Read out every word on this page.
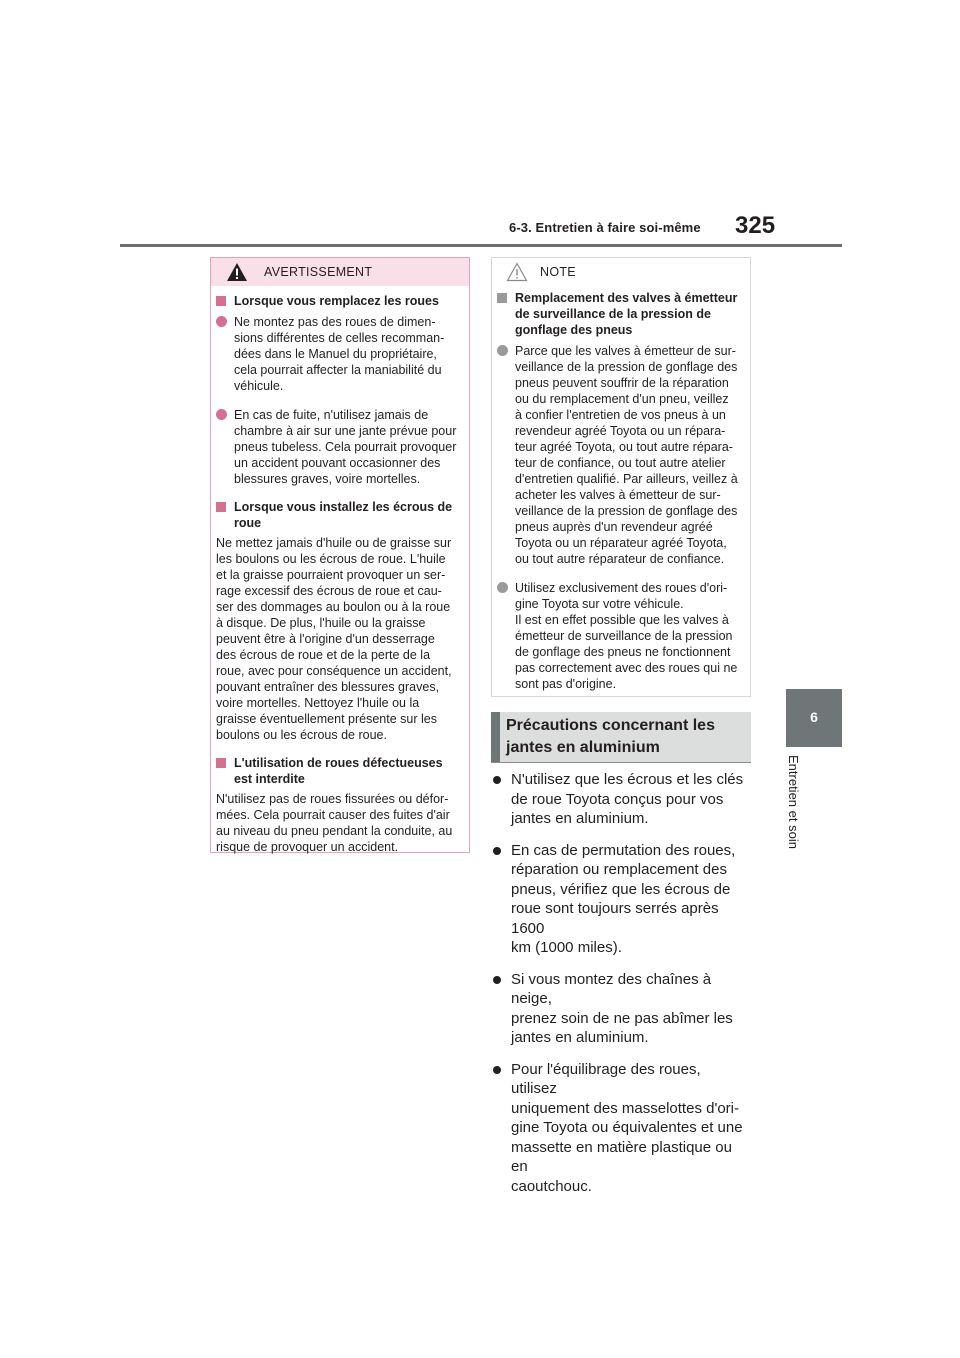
6-3. Entretien à faire soi-même 325
6
Entretien et soin
AVERTISSEMENT

Lorsque vous remplacez les roues

Ne montez pas des roues de dimen-
sions différentes de celles recomman-
dées dans le Manuel du propriétaire,
cela pourrait affecter la maniabilité du
véhicule.

En cas de fuite, n'utilisez jamais de
chambre à air sur une jante prévue pour
pneus tubeless. Cela pourrait provoquer
un accident pouvant occasionner des
blessures graves, voire mortelles.

Lorsque vous installez les écrous de
roue

Ne mettez jamais d'huile ou de graisse sur
les boulons ou les écrous de roue. L'huile
et la graisse pourraient provoquer un ser-
rage excessif des écrous de roue et cau-
ser des dommages au boulon ou à la roue
à disque. De plus, l'huile ou la graisse
peuvent être à l'origine d'un desserrage
des écrous de roue et de la perte de la
roue, avec pour conséquence un accident,
pouvant entraîner des blessures graves,
voire mortelles. Nettoyez l'huile ou la
graisse éventuellement présente sur les
boulons ou les écrous de roue.

L'utilisation de roues défectueuses
est interdite

N'utilisez pas de roues fissurées ou défor-
mées. Cela pourrait causer des fuites d'air
au niveau du pneu pendant la conduite, au
risque de provoquer un accident.

NOTE

Remplacement des valves à émetteur
de surveillance de la pression de
gonflage des pneus

Parce que les valves à émetteur de sur-
veillance de la pression de gonflage des
pneus peuvent souffrir de la réparation
ou du remplacement d'un pneu, veillez
à confier l'entretien de vos pneus à un
revendeur agréé Toyota ou un répara-
teur agréé Toyota, ou tout autre répara-
teur de confiance, ou tout autre atelier
d'entretien qualifié. Par ailleurs, veillez à
acheter les valves à émetteur de sur-
veillance de la pression de gonflage des
pneus auprès d'un revendeur agréé
Toyota ou un réparateur agréé Toyota,
ou tout autre réparateur de confiance.

Utilisez exclusivement des roues d'ori-
gine Toyota sur votre véhicule.
Il est en effet possible que les valves à
émetteur de surveillance de la pression
de gonflage des pneus ne fonctionnent
pas correctement avec des roues qui ne
sont pas d'origine.

Précautions concernant les
jantes en aluminium

N'utilisez que les écrous et les clés
de roue Toyota conçus pour vos
jantes en aluminium.

En cas de permutation des roues,
réparation ou remplacement des
pneus, vérifiez que les écrous de
roue sont toujours serrés après 1600
km (1000 miles).

Si vous montez des chaînes à neige,
prenez soin de ne pas abîmer les
jantes en aluminium.

Pour l'équilibrage des roues, utilisez
uniquement des masselottes d'ori-
gine Toyota ou équivalentes et une
massette en matière plastique ou en
caoutchouc.
